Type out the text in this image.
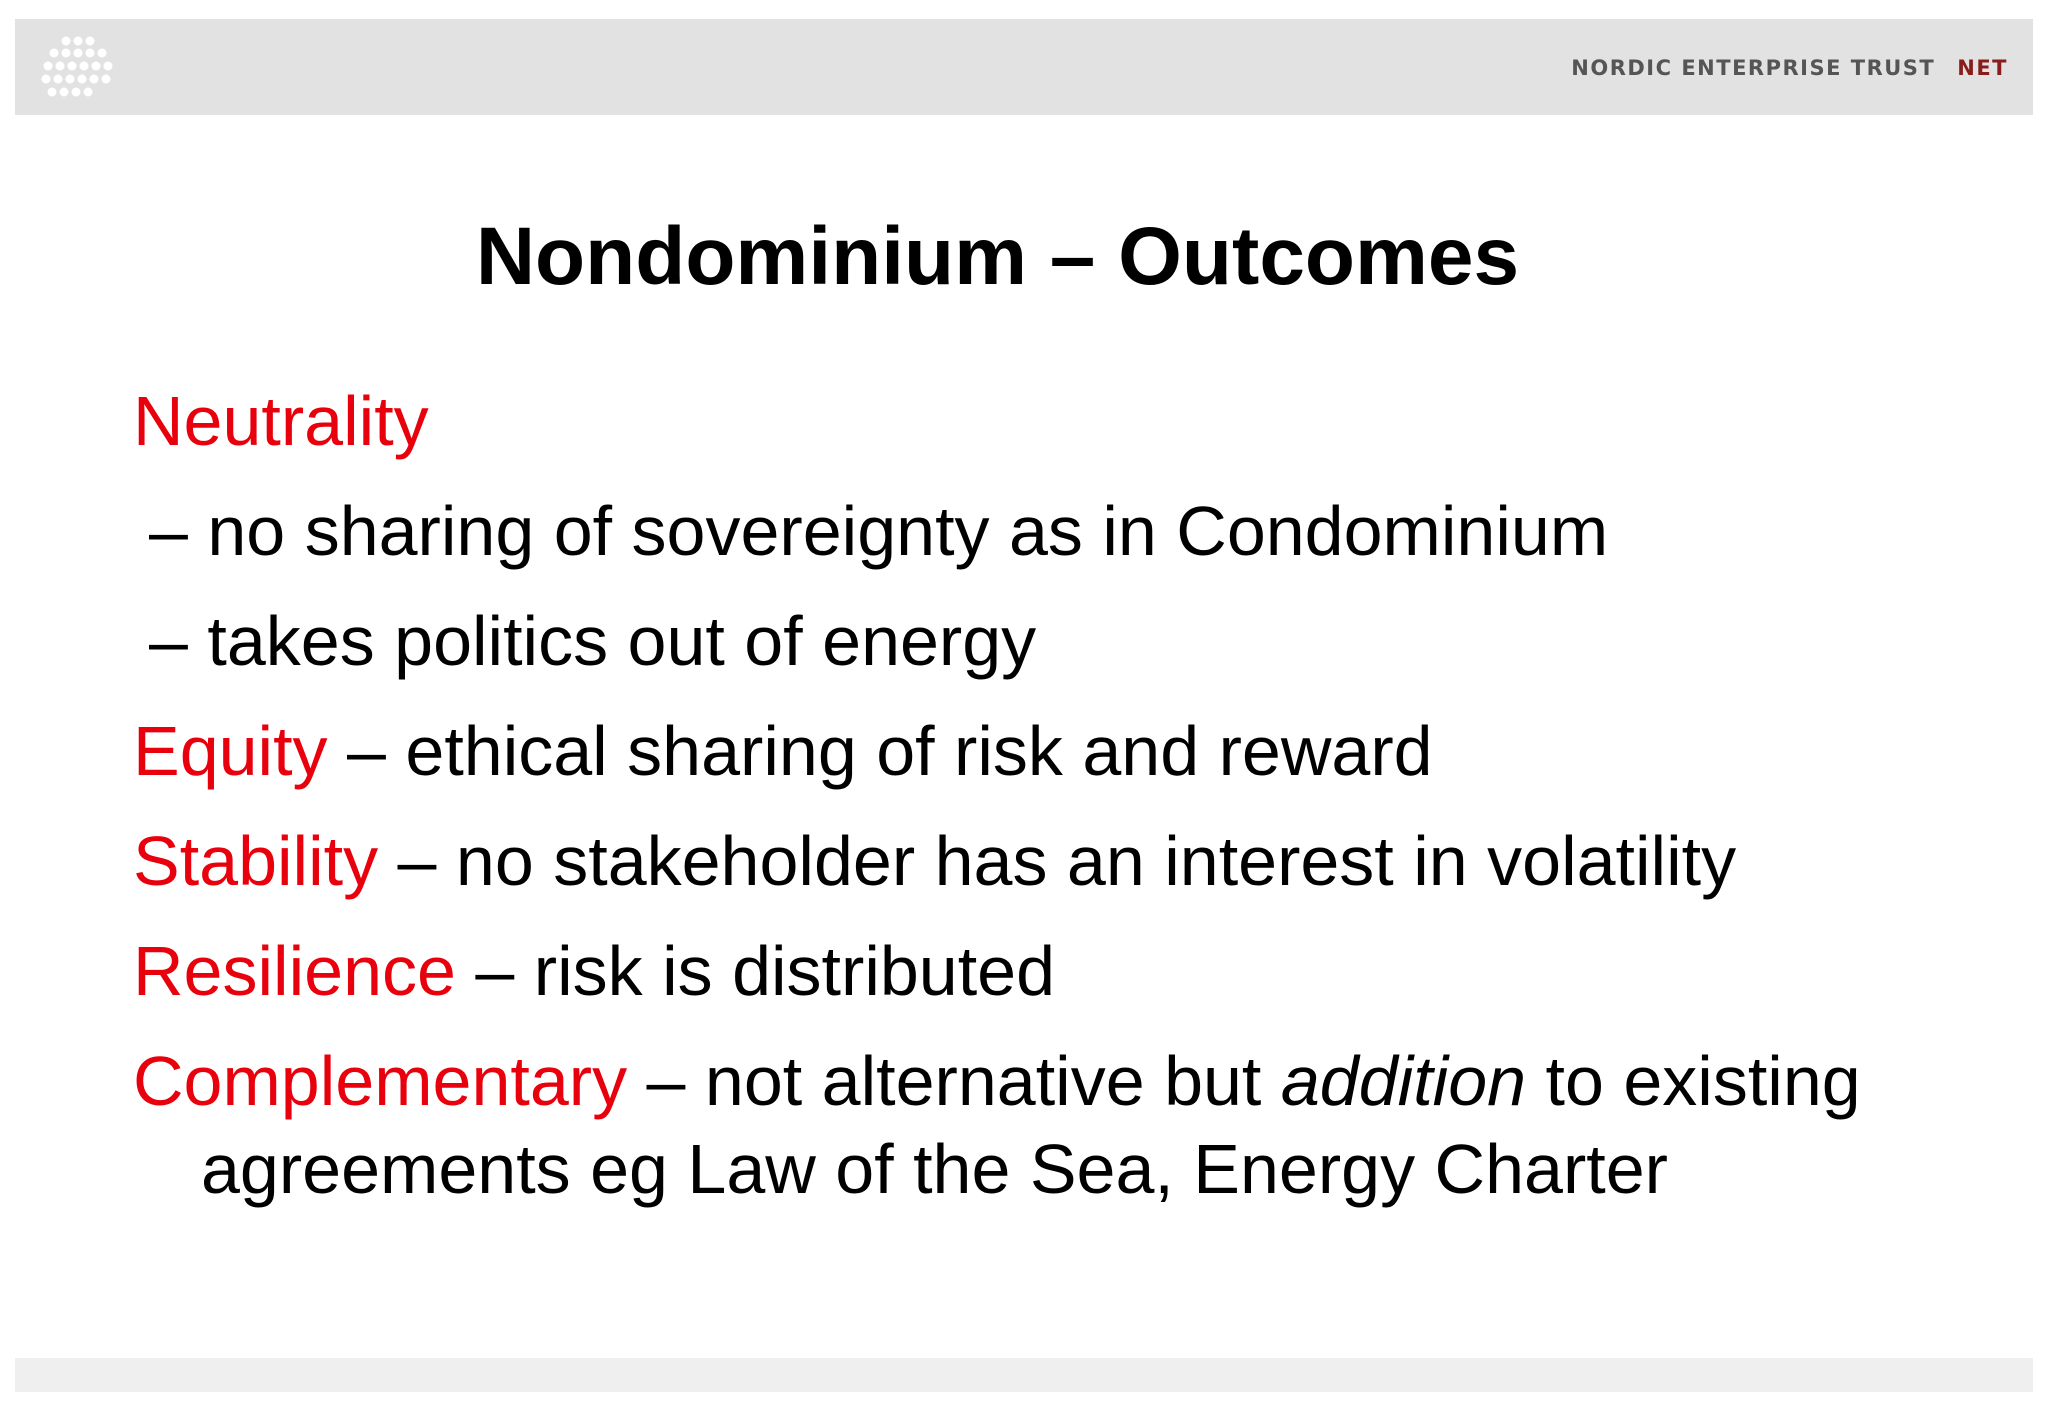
NORDIC ENTERPRISE TRUST NET
Nondominium – Outcomes
Neutrality
– no sharing of sovereignty as in Condominium
– takes politics out of energy
Equity – ethical sharing of risk and reward
Stability – no stakeholder has an interest in volatility
Resilience – risk is distributed
Complementary – not alternative but addition to existing
agreements eg Law of the Sea, Energy Charter
